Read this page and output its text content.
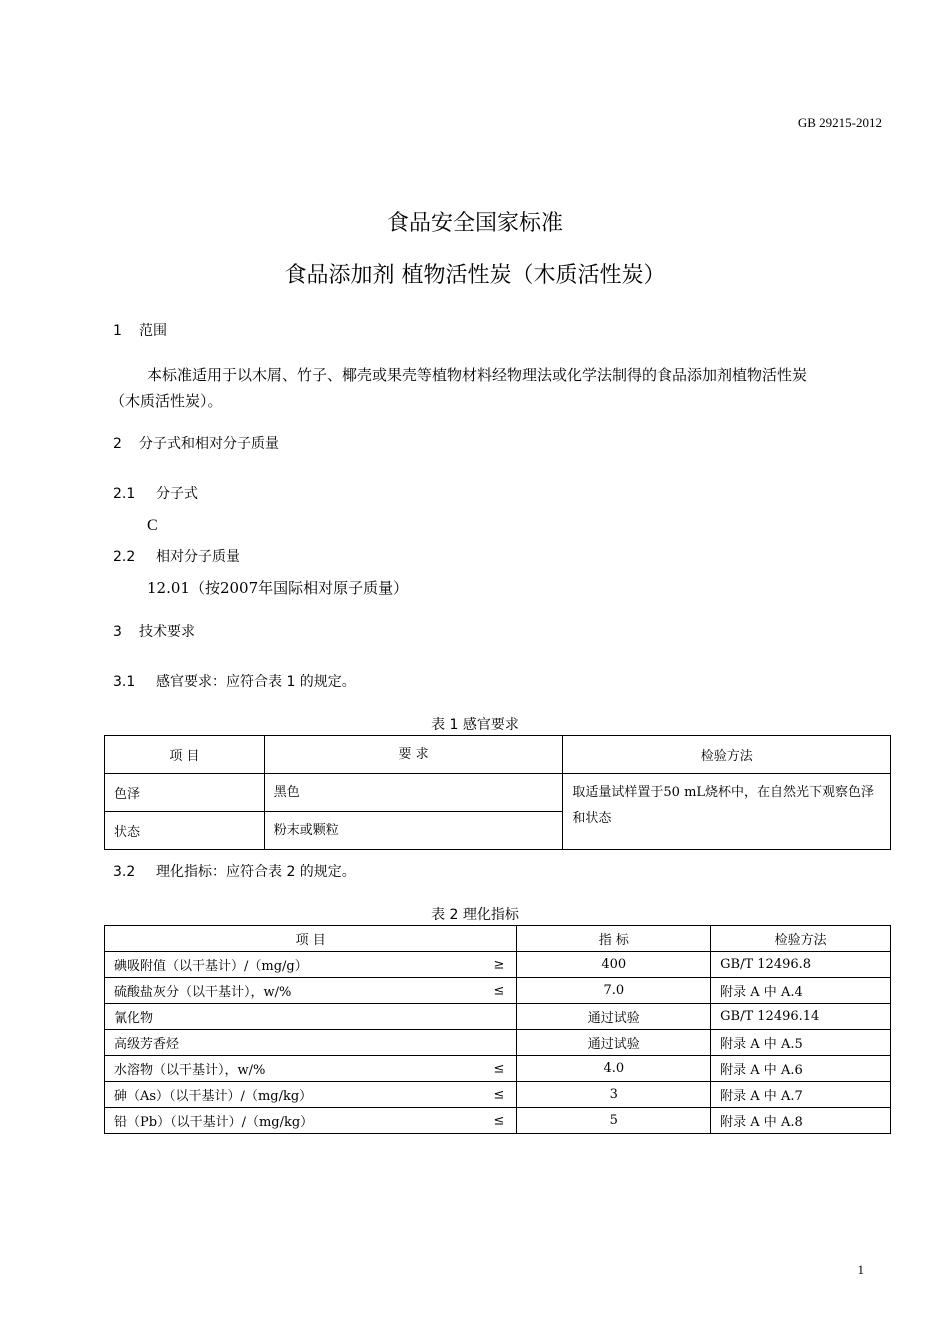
GB 29215-2012
食品安全国家标准
食品添加剂 植物活性炭（木质活性炭）
1 范围
本标准适用于以木屑、竹子、椰壳或果壳等植物材料经物理法或化学法制得的食品添加剂植物活性炭
（木质活性炭）。
2 分子式和相对分子质量
2.1 分子式
C
2.2 相对分子质量
12.01（按2007年国际相对原子质量）
3 技术要求
3.1 感官要求：应符合表 1 的规定。
表 1 感官要求
项 目	要 求	检验方法
色泽	黑色	取适量试样置于50 mL烧杯中，在自然光下观察色泽和状态
状态	粉末或颗粒	
3.2 理化指标：应符合表 2 的规定。
表 2 理化指标
项 目	指 标	检验方法
碘吸附值（以干基计）/（mg/g） ≥	400	GB/T 12496.8
硫酸盐灰分（以干基计），w/% ≤	7.0	附录 A 中 A.4
氰化物	通过试验	GB/T 12496.14
高级芳香烃	通过试验	附录 A 中 A.5
水溶物（以干基计），w/% ≤	4.0	附录 A 中 A.6
砷（As）（以干基计）/（mg/kg） ≤	3	附录 A 中 A.7
铅（Pb）（以干基计）/（mg/kg） ≤	5	附录 A 中 A.8
1
